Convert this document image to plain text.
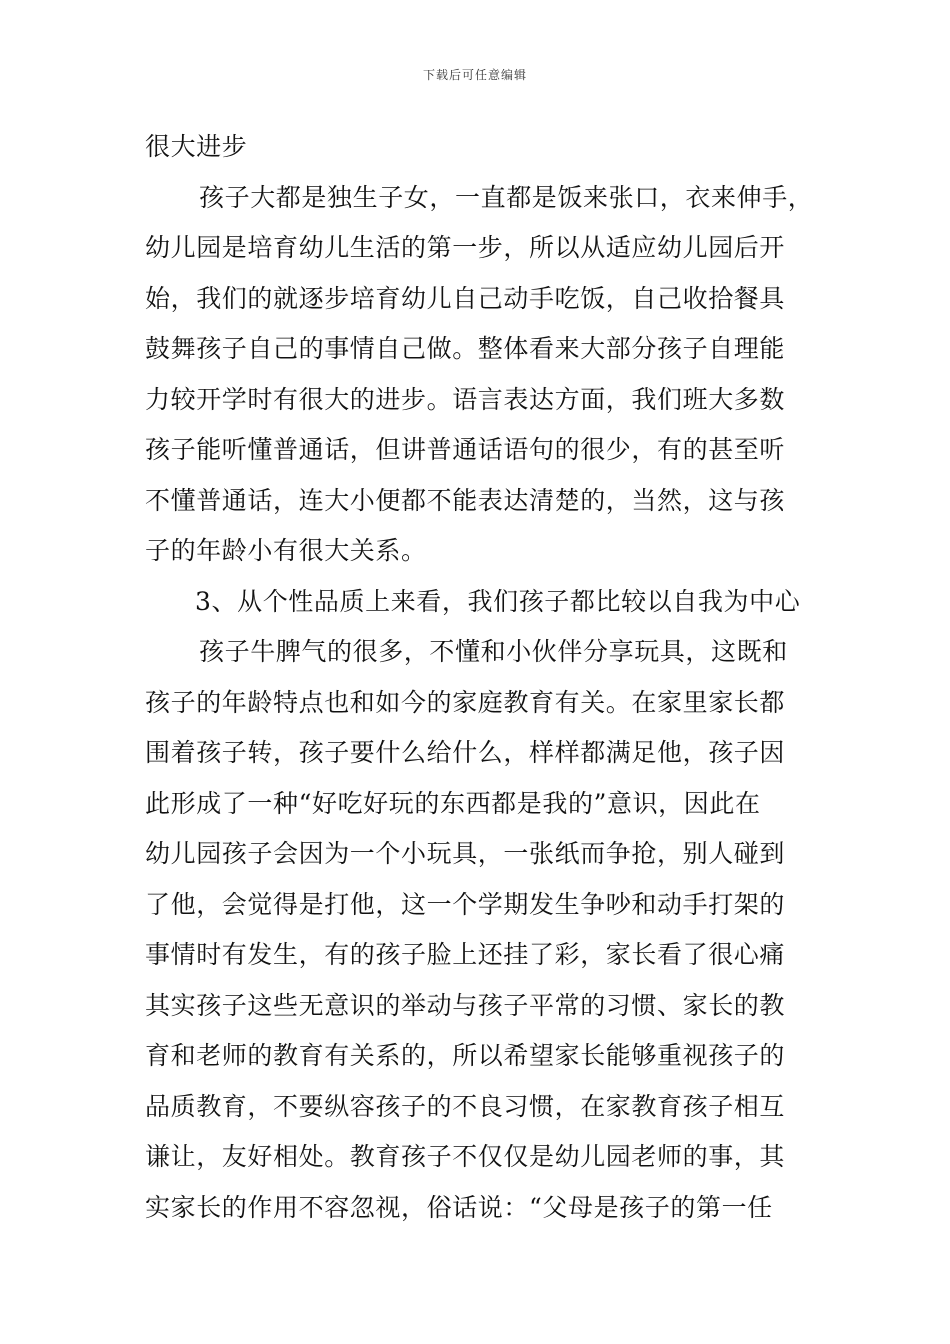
下载后可任意编辑
很大进步
孩子大都是独生子女，一直都是饭来张口，衣来伸手，
幼儿园是培育幼儿生活的第一步，所以从适应幼儿园后开
始，我们的就逐步培育幼儿自己动手吃饭，自己收拾餐具
鼓舞孩子自己的事情自己做。整体看来大部分孩子自理能
力较开学时有很大的进步。语言表达方面，我们班大多数
孩子能听懂普通话，但讲普通话语句的很少，有的甚至听
不懂普通话，连大小便都不能表达清楚的，当然，这与孩
子的年龄小有很大关系。
3、从个性品质上来看，我们孩子都比较以自我为中心
孩子牛脾气的很多，不懂和小伙伴分享玩具，这既和
孩子的年龄特点也和如今的家庭教育有关。在家里家长都
围着孩子转，孩子要什么给什么，样样都满足他，孩子因
此形成了一种“好吃好玩的东西都是我的”意识，因此在
幼儿园孩子会因为一个小玩具，一张纸而争抢，别人碰到
了他，会觉得是打他，这一个学期发生争吵和动手打架的
事情时有发生，有的孩子脸上还挂了彩，家长看了很心痛
其实孩子这些无意识的举动与孩子平常的习惯、家长的教
育和老师的教育有关系的，所以希望家长能够重视孩子的
品质教育，不要纵容孩子的不良习惯，在家教育孩子相互
谦让，友好相处。教育孩子不仅仅是幼儿园老师的事，其
实家长的作用不容忽视，俗话说：“父母是孩子的第一任
